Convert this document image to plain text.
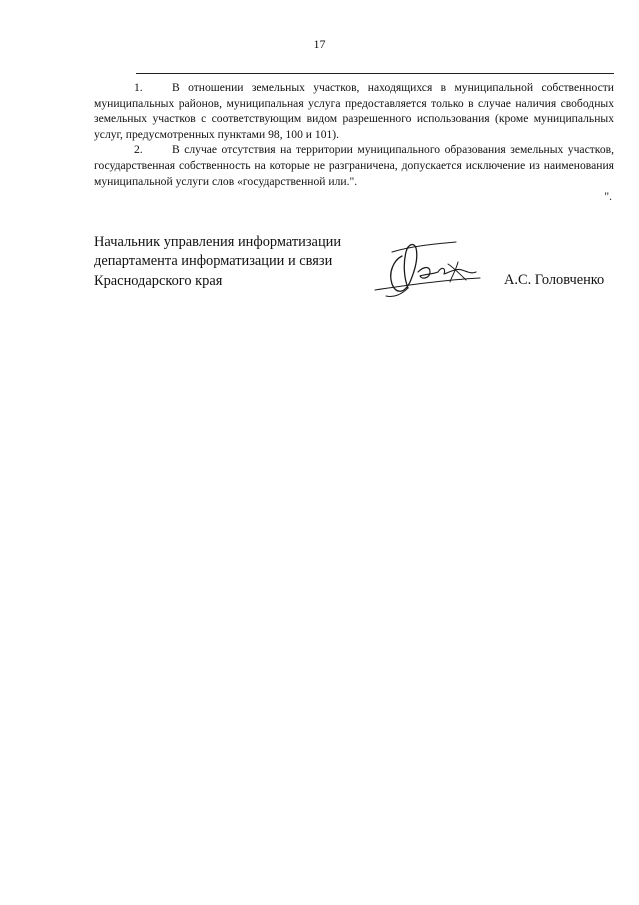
17

1.	В отношении земельных участков, находящихся в муниципальной собственности муниципальных районов, муниципальная услуга предоставляется только в случае наличия свободных земельных участков с соответствующим видом разрешенного использования (кроме муниципальных услуг, предусмотренных пунктами 98, 100 и 101).

2.	В случае отсутствия на территории муниципального образования земельных участков, государственная собственность на которые не разграничена, допускается исключение из наименования муниципальной услуги слов «государственной или.".

".

Начальник управления информатизации
департамента информатизации и связи
Краснодарского края	А.С. Головченко
